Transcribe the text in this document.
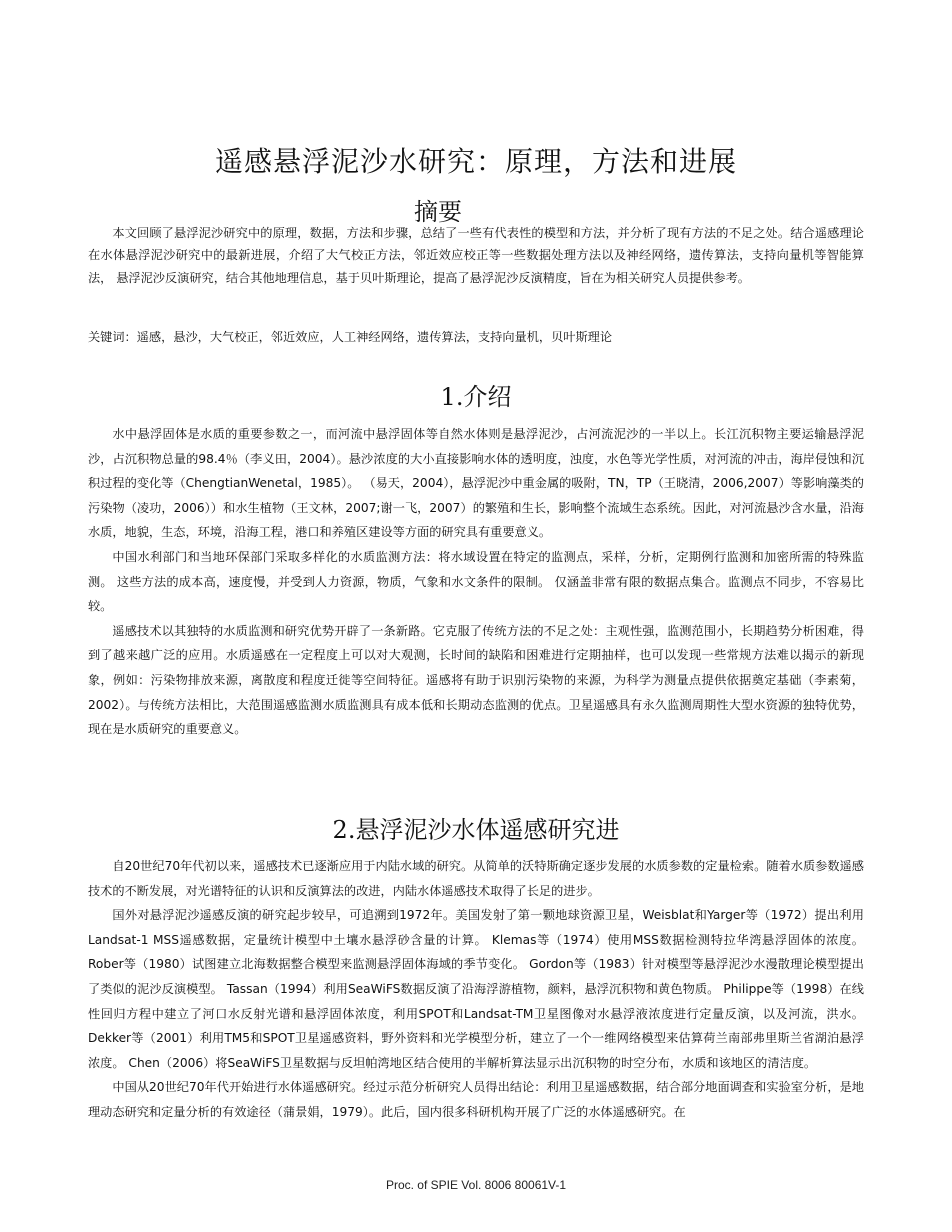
遥感悬浮泥沙水研究：原理，方法和进展
摘要

本文回顾了悬浮泥沙研究中的原理，数据，方法和步骤，总结了一些有代表性的模型和方法，并分析了现有方法的不足之处。结合遥感理论在水体悬浮泥沙研究中的最新进展，介绍了大气校正方法，邻近效应校正等一些数据处理方法以及神经网络，遗传算法，支持向量机等智能算法， 悬浮泥沙反演研究，结合其他地理信息，基于贝叶斯理论，提高了悬浮泥沙反演精度，旨在为相关研究人员提供参考。

关键词：遥感，悬沙，大气校正，邻近效应，人工神经网络，遗传算法，支持向量机，贝叶斯理论
1.介绍

水中悬浮固体是水质的重要参数之一，而河流中悬浮固体等自然水体则是悬浮泥沙，占河流泥沙的一半以上。长江沉积物主要运输悬浮泥沙，占沉积物总量的98.4％（李义田，2004）。悬沙浓度的大小直接影响水体的透明度，浊度，水色等光学性质，对河流的冲击，海岸侵蚀和沉积过程的变化等（ChengtianWenetal，1985）。 （易天，2004），悬浮泥沙中重金属的吸附，TN，TP（王晓清，2006,2007）等影响藻类的污染物（凌功，2006））和水生植物（王文林，2007;谢一飞，2007）的繁殖和生长，影响整个流域生态系统。因此，对河流悬沙含水量，沿海水质，地貌，生态，环境，沿海工程，港口和养殖区建设等方面的研究具有重要意义。

中国水利部门和当地环保部门采取多样化的水质监测方法：将水域设置在特定的监测点，采样，分析，定期例行监测和加密所需的特殊监测。 这些方法的成本高，速度慢，并受到人力资源，物质，气象和水文条件的限制。 仅涵盖非常有限的数据点集合。监测点不同步，不容易比较。

遥感技术以其独特的水质监测和研究优势开辟了一条新路。它克服了传统方法的不足之处：主观性强，监测范围小，长期趋势分析困难，得到了越来越广泛的应用。水质遥感在一定程度上可以对大观测，长时间的缺陷和困难进行定期抽样，也可以发现一些常规方法难以揭示的新现象，例如：污染物排放来源，离散度和程度迁徙等空间特征。遥感将有助于识别污染物的来源，为科学为测量点提供依据奠定基础（李素菊，2002）。与传统方法相比，大范围遥感监测水质监测具有成本低和长期动态监测的优点。卫星遥感具有永久监测周期性大型水资源的独特优势，现在是水质研究的重要意义。

2.悬浮泥沙水体遥感研究进

自20世纪70年代初以来，遥感技术已逐渐应用于内陆水域的研究。从简单的沃特斯确定逐步发展的水质参数的定量检索。随着水质参数遥感技术的不断发展，对光谱特征的认识和反演算法的改进，内陆水体遥感技术取得了长足的进步。

国外对悬浮泥沙遥感反演的研究起步较早，可追溯到1972年。美国发射了第一颗地球资源卫星，Weisblat和Yarger等（1972）提出利用Landsat-1 MSS遥感数据，定量统计模型中土壤水悬浮砂含量的计算。 Klemas等（1974）使用MSS数据检测特拉华湾悬浮固体的浓度。 Rober等（1980）试图建立北海数据整合模型来监测悬浮固体海域的季节变化。 Gordon等（1983）针对模型等悬浮泥沙水漫散理论模型提出了类似的泥沙反演模型。 Tassan（1994）利用SeaWiFS数据反演了沿海浮游植物，颜料，悬浮沉积物和黄色物质。 Philippe等（1998）在线性回归方程中建立了河口水反射光谱和悬浮固体浓度，利用SPOT和Landsat-TM卫星图像对水悬浮液浓度进行定量反演，以及河流，洪水。 Dekker等（2001）利用TM5和SPOT卫星遥感资料，野外资料和光学模型分析，建立了一个一维网络模型来估算荷兰南部弗里斯兰省湖泊悬浮浓度。 Chen（2006）将SeaWiFS卫星数据与反坦帕湾地区结合使用的半解析算法显示出沉积物的时空分布，水质和该地区的清洁度。

中国从20世纪70年代开始进行水体遥感研究。经过示范分析研究人员得出结论：利用卫星遥感数据，结合部分地面调查和实验室分析，是地理动态研究和定量分析的有效途径（蒲景娟，1979）。此后，国内很多科研机构开展了广泛的水体遥感研究。在

Proc. of SPIE Vol. 8006 80061V-1
